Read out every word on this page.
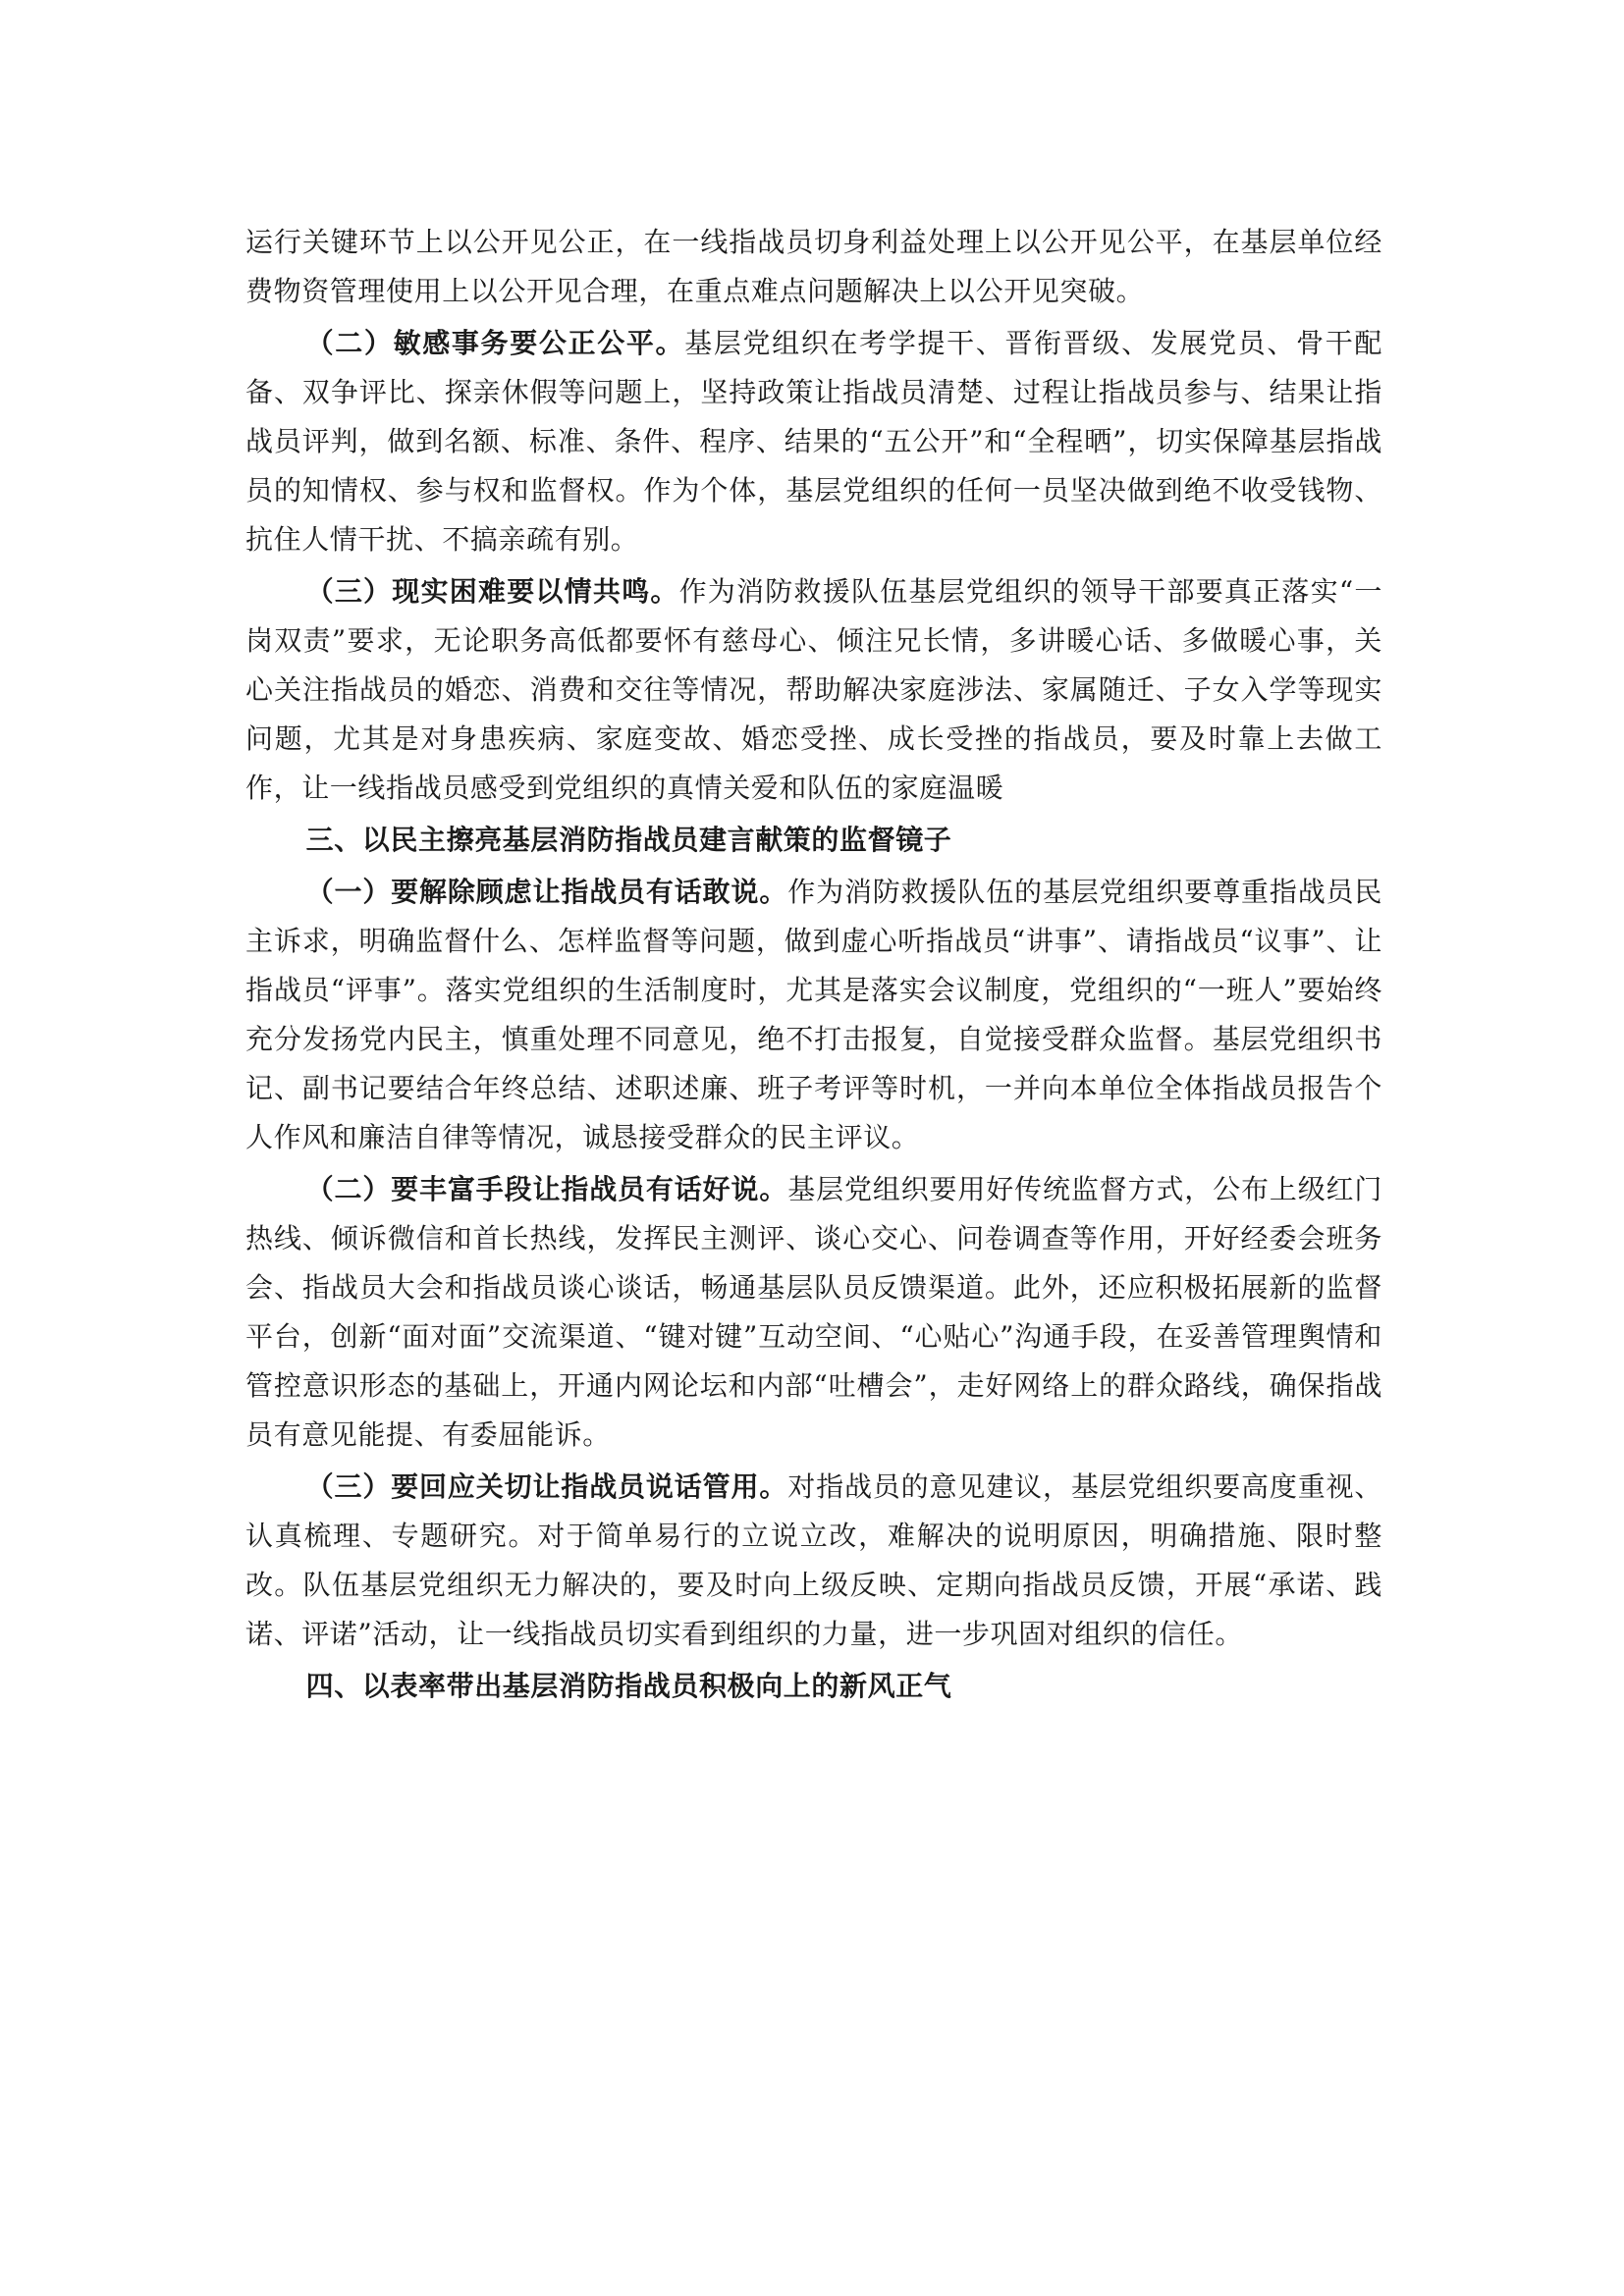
运行关键环节上以公开见公正，在一线指战员切身利益处理上以公开见公平，在基层单位经费物资管理使用上以公开见合理，在重点难点问题解决上以公开见突破。

（二）敏感事务要公正公平。基层党组织在考学提干、晋衔晋级、发展党员、骨干配备、双争评比、探亲休假等问题上，坚持政策让指战员清楚、过程让指战员参与、结果让指战员评判，做到名额、标准、条件、程序、结果的“五公开”和“全程晒”，切实保障基层指战员的知情权、参与权和监督权。作为个体，基层党组织的任何一员坚决做到绝不收受钱物、抗住人情干扰、不搞亲疏有别。

（三）现实困难要以情共鸣。作为消防救援队伍基层党组织的领导干部要真正落实“一岗双责”要求，无论职务高低都要怀有慈母心、倾注兄长情，多讲暖心话、多做暖心事，关心关注指战员的婚恋、消费和交往等情况，帮助解决家庭涉法、家属随迁、子女入学等现实问题，尤其是对身患疾病、家庭变故、婚恋受挫、成长受挫的指战员，要及时靠上去做工作，让一线指战员感受到党组织的真情关爱和队伍的家庭温暖

三、以民主擦亮基层消防指战员建言献策的监督镜子

（一）要解除顾虑让指战员有话敢说。作为消防救援队伍的基层党组织要尊重指战员民主诉求，明确监督什么、怎样监督等问题，做到虚心听指战员“讲事”、请指战员“议事”、让指战员“评事”。落实党组织的生活制度时，尤其是落实会议制度，党组织的“一班人”要始终充分发扬党内民主，慎重处理不同意见，绝不打击报复，自觉接受群众监督。基层党组织书记、副书记要结合年终总结、述职述廉、班子考评等时机，一并向本单位全体指战员报告个人作风和廉洁自律等情况，诚恳接受群众的民主评议。

（二）要丰富手段让指战员有话好说。基层党组织要用好传统监督方式，公布上级红门热线、倾诉微信和首长热线，发挥民主测评、谈心交心、问卷调查等作用，开好经委会班务会、指战员大会和指战员谈心谈话，畅通基层队员反馈渠道。此外，还应积极拓展新的监督平台，创新“面对面”交流渠道、“键对键”互动空间、“心贴心”沟通手段，在妥善管理舆情和管控意识形态的基础上，开通内网论坛和内部“吐槽会”，走好网络上的群众路线，确保指战员有意见能提、有委屈能诉。

（三）要回应关切让指战员说话管用。对指战员的意见建议，基层党组织要高度重视、认真梳理、专题研究。对于简单易行的立说立改，难解决的说明原因，明确措施、限时整改。队伍基层党组织无力解决的，要及时向上级反映、定期向指战员反馈，开展“承诺、践诺、评诺”活动，让一线指战员切实看到组织的力量，进一步巩固对组织的信任。

四、以表率带出基层消防指战员积极向上的新风正气
